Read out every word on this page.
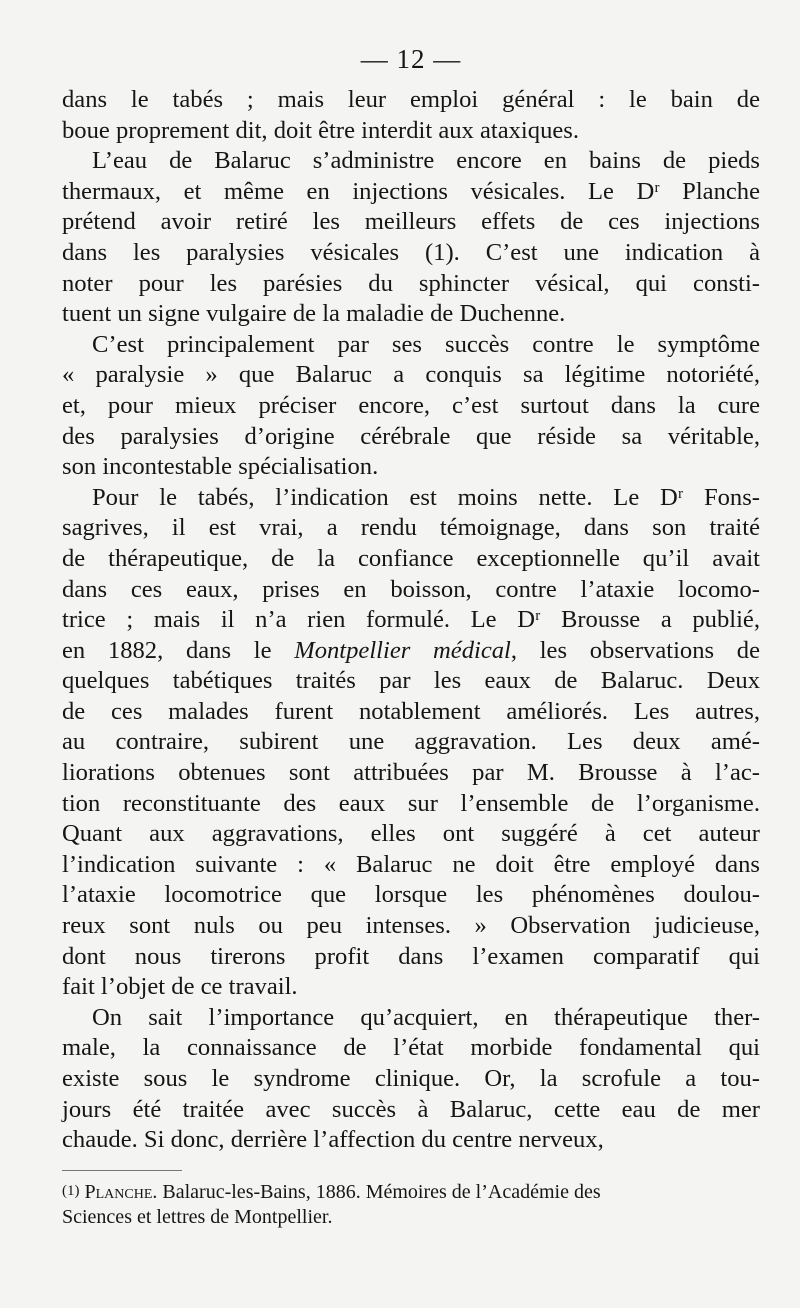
— 12 —

dans le tabés ; mais leur emploi général : le bain de
boue proprement dit, doit être interdit aux ataxiques.

L’eau de Balaruc s’administre encore en bains de pieds
thermaux, et même en injections vésicales. Le Dʳ Planche
prétend avoir retiré les meilleurs effets de ces injections
dans les paralysies vésicales (1). C’est une indication à
noter pour les parésies du sphincter vésical, qui consti-
tuent un signe vulgaire de la maladie de Duchenne.

C’est principalement par ses succès contre le symptôme
« paralysie » que Balaruc a conquis sa légitime notoriété,
et, pour mieux préciser encore, c’est surtout dans la cure
des paralysies d’origine cérébrale que réside sa véritable,
son incontestable spécialisation.

Pour le tabés, l’indication est moins nette. Le Dʳ Fons-
sagrives, il est vrai, a rendu témoignage, dans son traité
de thérapeutique, de la confiance exceptionnelle qu’il avait
dans ces eaux, prises en boisson, contre l’ataxie locomo-
trice ; mais il n’a rien formulé. Le Dʳ Brousse a publié,
en 1882, dans le Montpellier médical, les observations de
quelques tabétiques traités par les eaux de Balaruc. Deux
de ces malades furent notablement améliorés. Les autres,
au contraire, subirent une aggravation. Les deux amé-
liorations obtenues sont attribuées par M. Brousse à l’ac-
tion reconstituante des eaux sur l’ensemble de l’organisme.
Quant aux aggravations, elles ont suggéré à cet auteur
l’indication suivante : « Balaruc ne doit être employé dans
l’ataxie locomotrice que lorsque les phénomènes doulou-
reux sont nuls ou peu intenses. » Observation judicieuse,
dont nous tirerons profit dans l’examen comparatif qui
fait l’objet de ce travail.

On sait l’importance qu’acquiert, en thérapeutique ther-
male, la connaissance de l’état morbide fondamental qui
existe sous le syndrome clinique. Or, la scrofule a tou-
jours été traitée avec succès à Balaruc, cette eau de mer
chaude. Si donc, derrière l’affection du centre nerveux,

(1) Planche. Balaruc-les-Bains, 1886. Mémoires de l’Académie des
Sciences et lettres de Montpellier.
